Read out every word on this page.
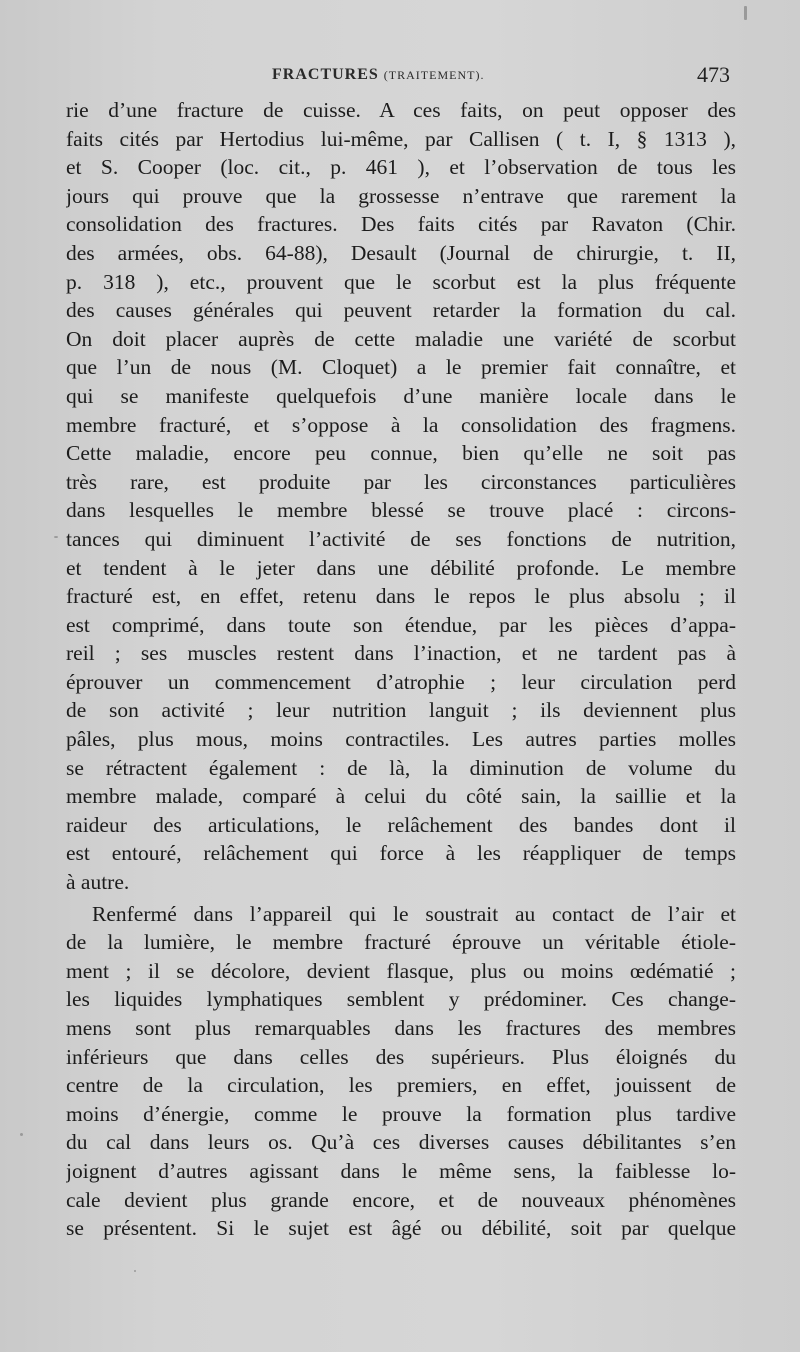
FRACTURES (TRAITEMENT).	473
rie d’une fracture de cuisse. A ces faits, on peut opposer des
faits cités par Hertodius lui-même, par Callisen ( t. I, § 1313 ),
et S. Cooper (loc. cit., p. 461 ), et l’observation de tous les
jours qui prouve que la grossesse n’entrave que rarement la
consolidation des fractures. Des faits cités par Ravaton (Chir.
des armées, obs. 64-88), Desault (Journal de chirurgie, t. II,
p. 318 ), etc., prouvent que le scorbut est la plus fréquente
des causes générales qui peuvent retarder la formation du cal.
On doit placer auprès de cette maladie une variété de scorbut
que l’un de nous (M. Cloquet) a le premier fait connaître, et
qui se manifeste quelquefois d’une manière locale dans le
membre fracturé, et s’oppose à la consolidation des fragmens.
Cette maladie, encore peu connue, bien qu’elle ne soit pas
très rare, est produite par les circonstances particulières
dans lesquelles le membre blessé se trouve placé : circons-
tances qui diminuent l’activité de ses fonctions de nutrition,
et tendent à le jeter dans une débilité profonde. Le membre
fracturé est, en effet, retenu dans le repos le plus absolu ; il
est comprimé, dans toute son étendue, par les pièces d’appa-
reil ; ses muscles restent dans l’inaction, et ne tardent pas à
éprouver un commencement d’atrophie ; leur circulation perd
de son activité ; leur nutrition languit ; ils deviennent plus
pâles, plus mous, moins contractiles. Les autres parties molles
se rétractent également : de là, la diminution de volume du
membre malade, comparé à celui du côté sain, la saillie et la
raideur des articulations, le relâchement des bandes dont il
est entouré, relâchement qui force à les réappliquer de temps
à autre.
Renfermé dans l’appareil qui le soustrait au contact de l’air et
de la lumière, le membre fracturé éprouve un véritable étiole-
ment ; il se décolore, devient flasque, plus ou moins œdématié ;
les liquides lymphatiques semblent y prédominer. Ces change-
mens sont plus remarquables dans les fractures des membres
inférieurs que dans celles des supérieurs. Plus éloignés du
centre de la circulation, les premiers, en effet, jouissent de
moins d’énergie, comme le prouve la formation plus tardive
du cal dans leurs os. Qu’à ces diverses causes débilitantes s’en
joignent d’autres agissant dans le même sens, la faiblesse lo-
cale devient plus grande encore, et de nouveaux phénomènes
se présentent. Si le sujet est âgé ou débilité, soit par quelque
